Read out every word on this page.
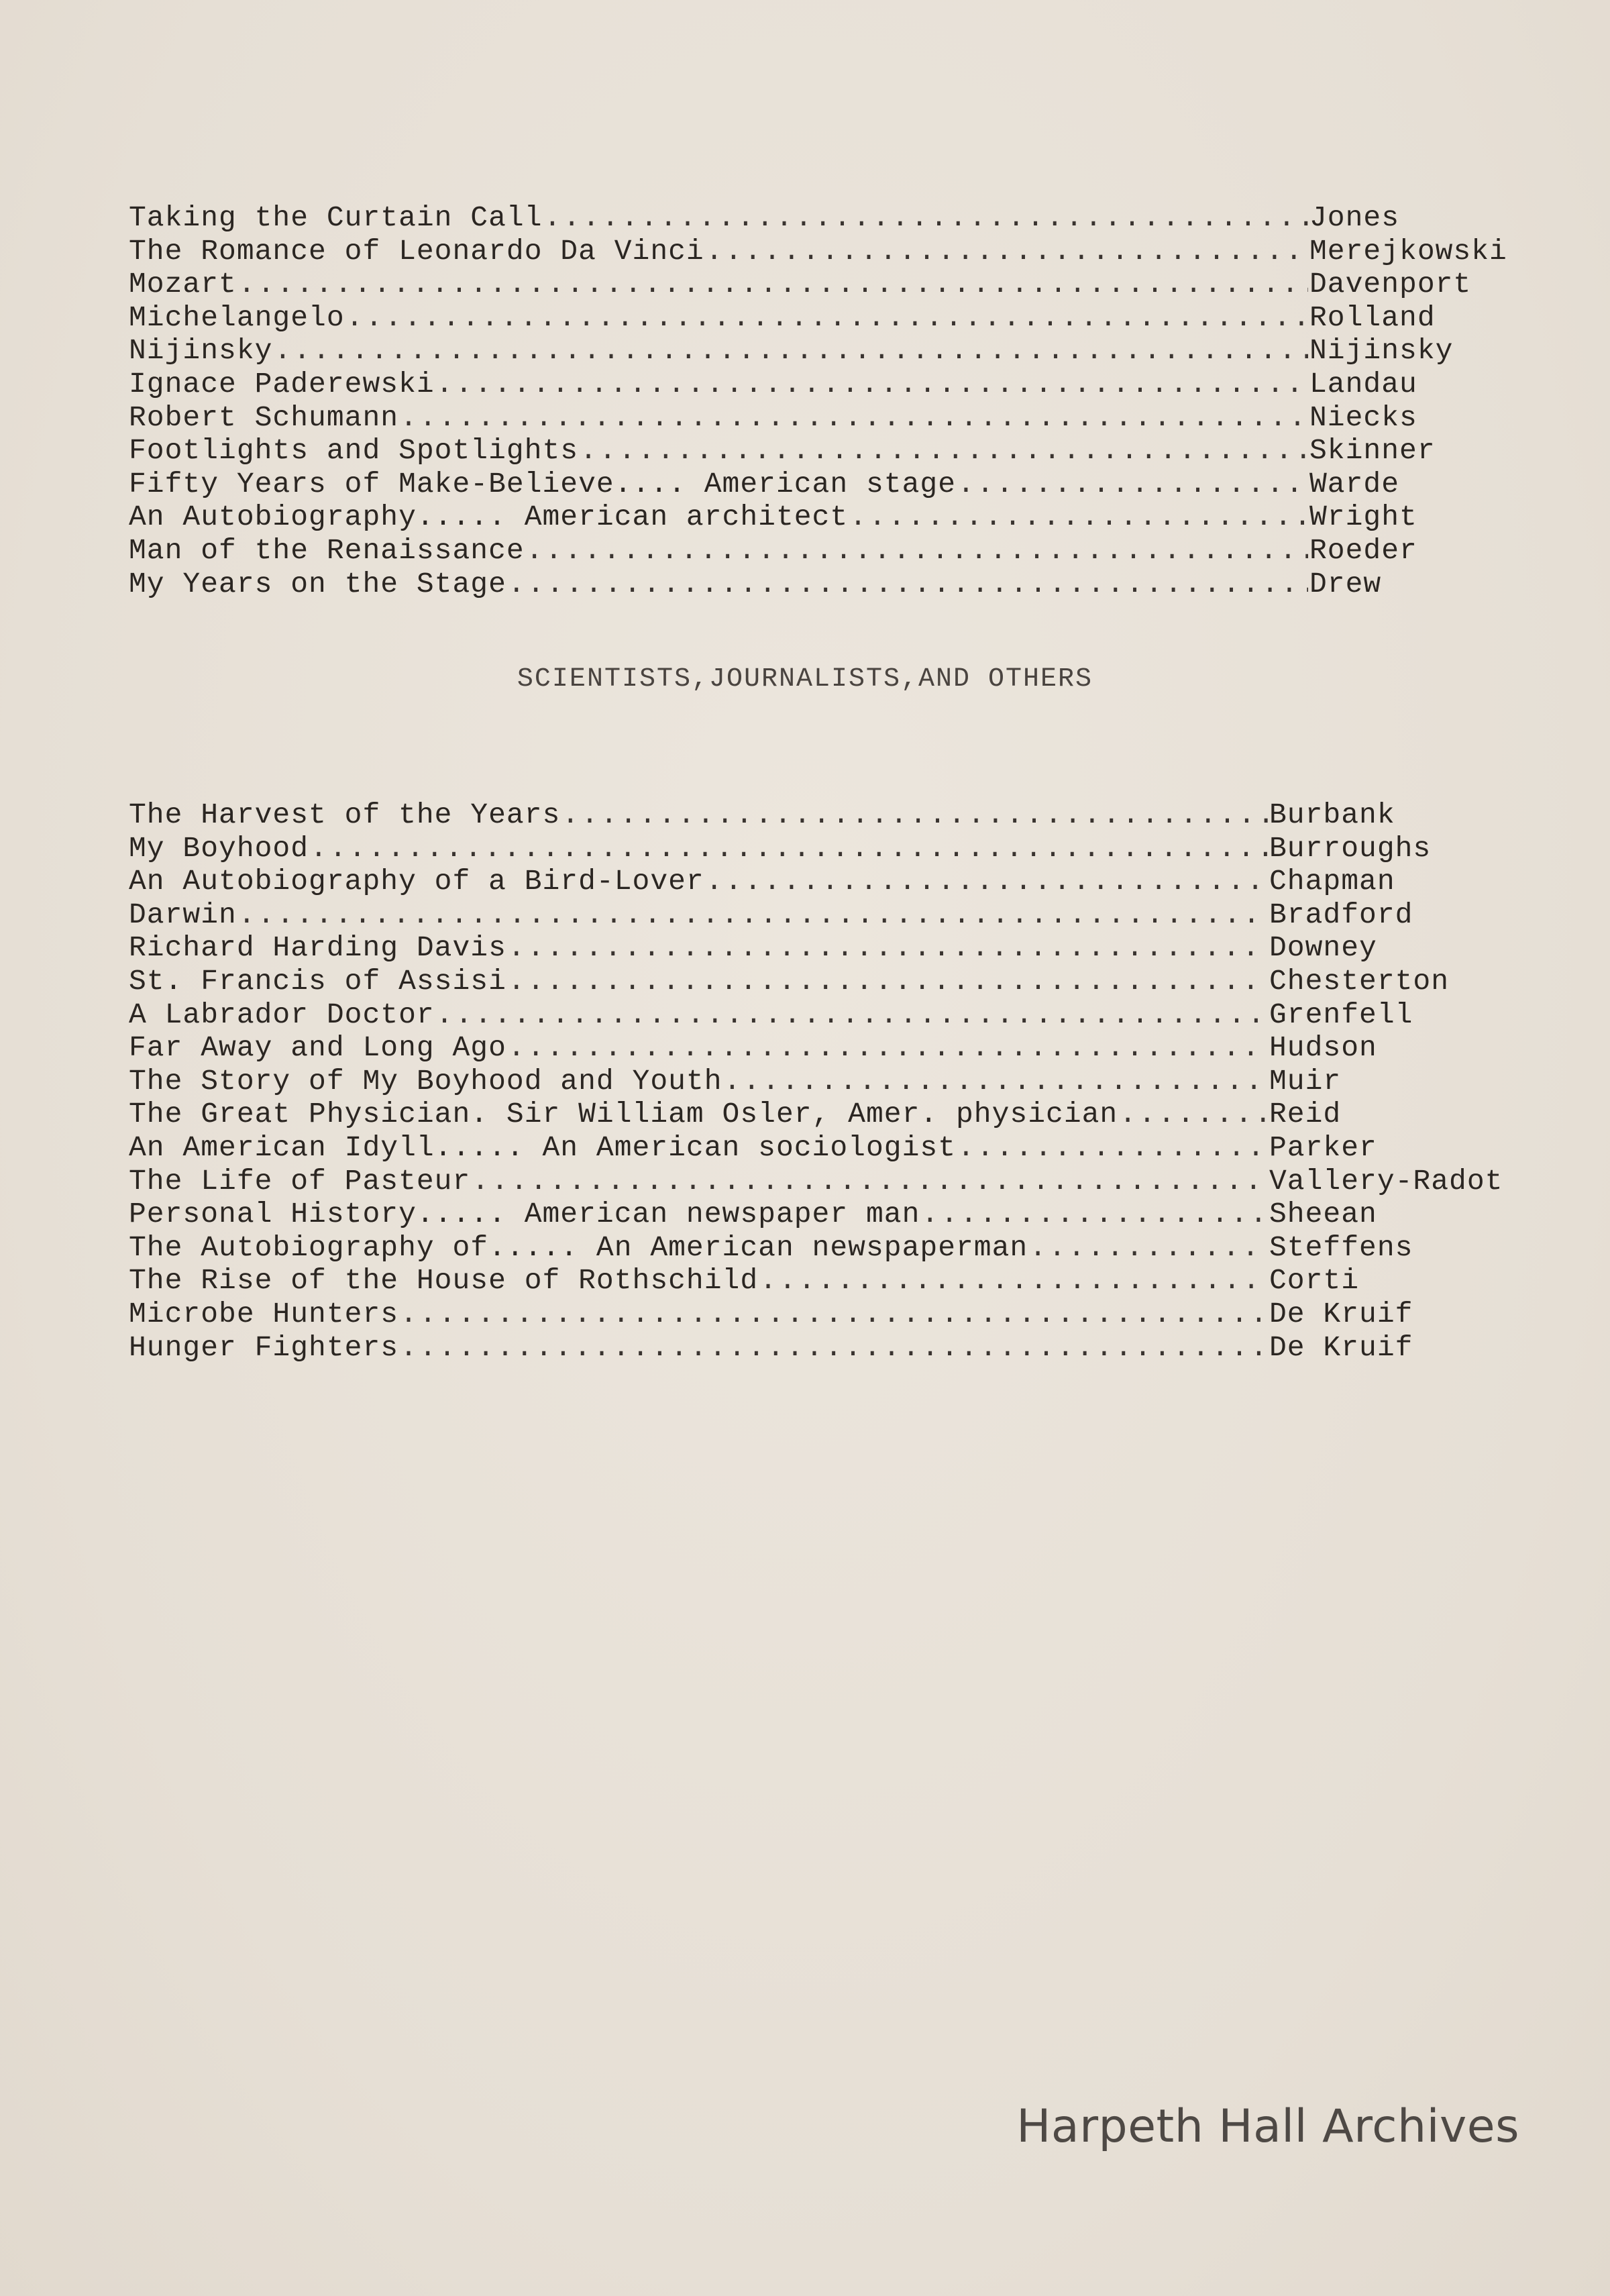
Taking the Curtain Call .....	Jones
The Romance of Leonardo Da Vinci .....	Merejkowski
Mozart .....	Davenport
Michelangelo .....	Rolland
Nijinsky .....	Nijinsky
Ignace Paderewski .....	Landau
Robert Schumann .....	Niecks
Footlights and Spotlights .....	Skinner
Fifty Years of Make-Believe.... American stage .....	Warde
An Autobiography..... American architect .....	Wright
Man of the Renaissance .....	Roeder
My Years on the Stage .....	Drew
SCIENTISTS,JOURNALISTS,AND OTHERS
The Harvest of the Years .....	Burbank
My Boyhood .....	Burroughs
An Autobiography of a Bird-Lover .....	Chapman
Darwin .....	Bradford
Richard Harding Davis .....	Downey
St. Francis of Assisi .....	Chesterton
A Labrador Doctor .....	Grenfell
Far Away and Long Ago .....	Hudson
The Story of My Boyhood and Youth .....	Muir
The Great Physician. Sir William Osler, Amer. physician .....	Reid
An American Idyll..... An American sociologist .....	Parker
The Life of Pasteur .....	Vallery-Radot
Personal History..... American newspaper man .....	Sheean
The Autobiography of..... An American newspaperman .....	Steffens
The Rise of the House of Rothschild .....	Corti
Microbe Hunters .....	De Kruif
Hunger Fighters .....	De Kruif
Harpeth Hall Archives
